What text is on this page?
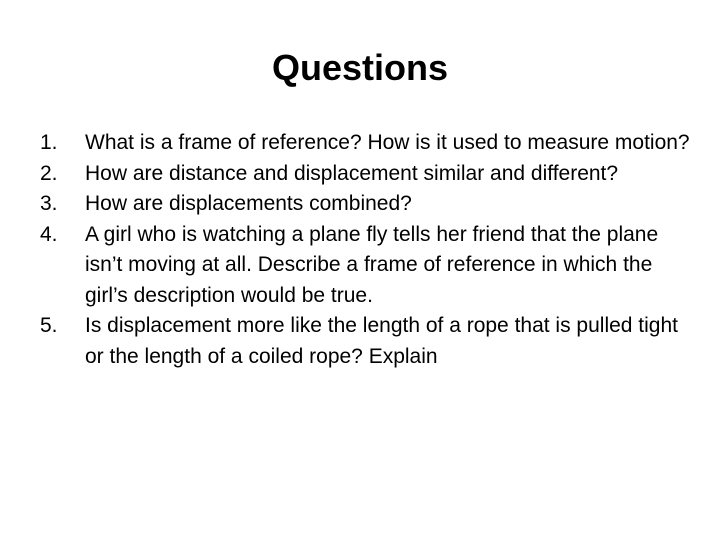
Questions
1.	What is a frame of reference? How is it used to measure motion?
2.	How are distance and displacement similar and different?
3.	How are displacements combined?
4.	A girl who is watching a plane fly tells her friend that the plane isn’t moving at all. Describe a frame of reference in which the girl’s description would be true.
5.	Is displacement more like the length of a rope that is pulled tight or the length of a coiled rope? Explain
